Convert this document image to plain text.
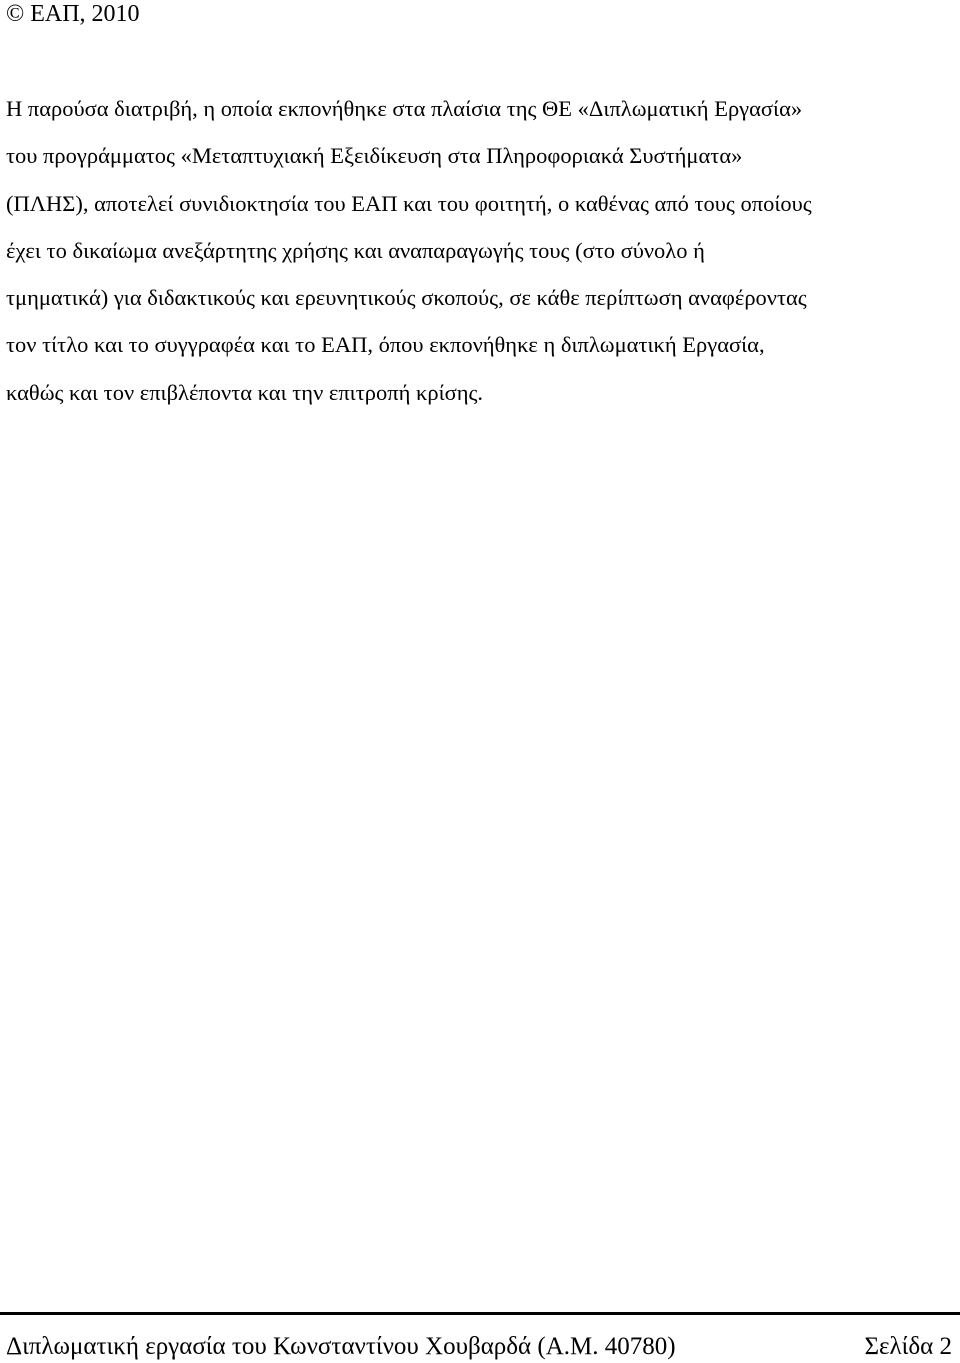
© ΕΑΠ, 2010

Η παρούσα διατριβή, η οποία εκπονήθηκε στα πλαίσια της ΘΕ «Διπλωματική Εργασία»
του προγράμματος «Μεταπτυχιακή Εξειδίκευση στα Πληροφοριακά Συστήματα»
(ΠΛΗΣ), αποτελεί συνιδιοκτησία του ΕΑΠ και του φοιτητή, ο καθένας από τους οποίους
έχει το δικαίωμα ανεξάρτητης χρήσης και αναπαραγωγής τους (στο σύνολο ή
τμηματικά) για διδακτικούς και ερευνητικούς σκοπούς, σε κάθε περίπτωση αναφέροντας
τον τίτλο και το συγγραφέα και το ΕΑΠ, όπου εκπονήθηκε η διπλωματική Εργασία,
καθώς και τον επιβλέποντα και την επιτροπή κρίσης.

Διπλωματική εργασία του Κωνσταντίνου Χουβαρδά (Α.Μ. 40780)	Σελίδα 2
